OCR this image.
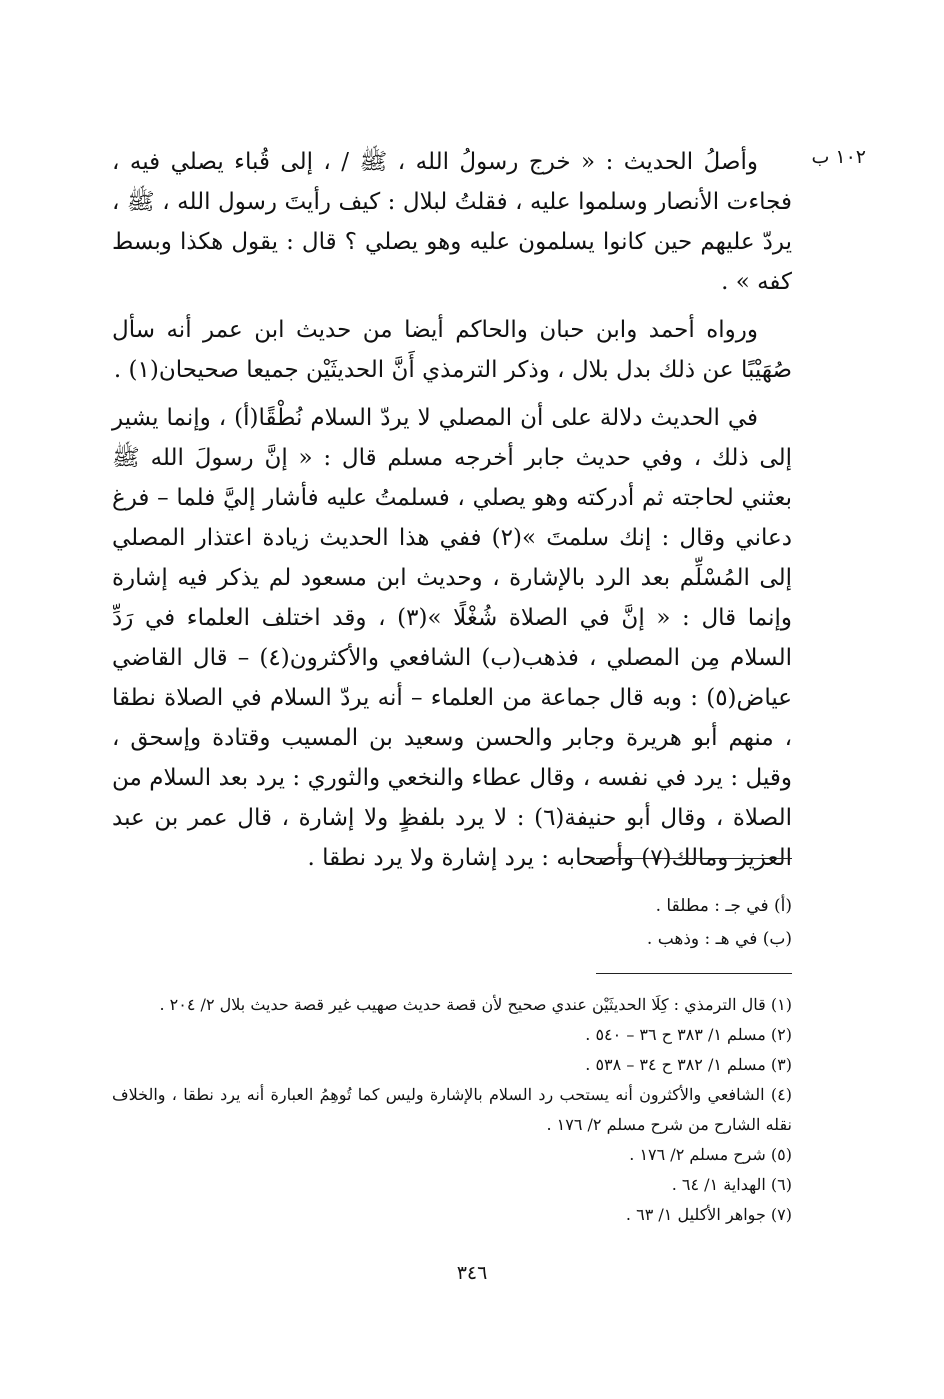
١٠٢ ب

وأصلُ الحديث : « خرج رسولُ الله ، ﷺ / ، إلى قُباء يصلي فيه ، فجاءت الأنصار وسلموا عليه ، فقلتُ لبلال : كيف رأيتَ رسول الله ، ﷺ ، يردّ عليهم حين كانوا يسلمون عليه وهو يصلي ؟ قال : يقول هكذا وبسط كفه » .

ورواه أحمد وابن حبان والحاكم أيضا من حديث ابن عمر أنه سأل صُهَيْبًا عن ذلك بدل بلال ، وذكر الترمذي أَنَّ الحديثَيْن جميعا صحيحان(١) .

في الحديث دلالة على أن المصلي لا يردّ السلام نُطْقًا(أ) ، وإنما يشير إلى ذلك ، وفي حديث جابر أخرجه مسلم قال : « إنَّ رسولَ الله ﷺ بعثني لحاجته ثم أدركته وهو يصلي ، فسلمتُ عليه فأشار إليَّ فلما – فرغ دعاني وقال : إنك سلمتَ »(٢) ففي هذا الحديث زيادة اعتذار المصلي إلى المُسْلِّم بعد الرد بالإشارة ، وحديث ابن مسعود لم يذكر فيه إشارة وإنما قال : « إنَّ في الصلاة شُغْلًا »(٣) ، وقد اختلف العلماء في رَدِّ السلام مِن المصلي ، فذهب(ب) الشافعي والأكثرون(٤) – قال القاضي عياض(٥) : وبه قال جماعة من العلماء – أنه يردّ السلام في الصلاة نطقا ، منهم أبو هريرة وجابر والحسن وسعيد بن المسيب وقتادة وإسحق ، وقيل : يرد في نفسه ، وقال عطاء والنخعي والثوري : يرد بعد السلام من الصلاة ، وقال أبو حنيفة(٦) : لا يرد بلفظٍ ولا إشارة ، قال عمر بن عبد العزيز ومالك(٧) وأصحابه : يرد إشارة ولا يرد نطقا .

(أ) في جـ : مطلقا .
(ب) في هـ : وذهب .
(١) قال الترمذي : كِلَا الحديثَيْن عندي صحيح لأن قصة حديث صهيب غير قصة حديث بلال ٢/ ٢٠٤ .
(٢) مسلم ١/ ٣٨٣ ح ٣٦ – ٥٤٠ .
(٣) مسلم ١/ ٣٨٢ ح ٣٤ – ٥٣٨ .
(٤) الشافعي والأكثرون أنه يستحب رد السلام بالإشارة وليس كما تُوهِمُ العبارة أنه يرد نطقا ، والخلاف نقله الشارح من شرح مسلم ٢/ ١٧٦ .
(٥) شرح مسلم ٢/ ١٧٦ .
(٦) الهداية ١/ ٦٤ .
(٧) جواهر الأكليل ١/ ٦٣ .
٣٤٦
